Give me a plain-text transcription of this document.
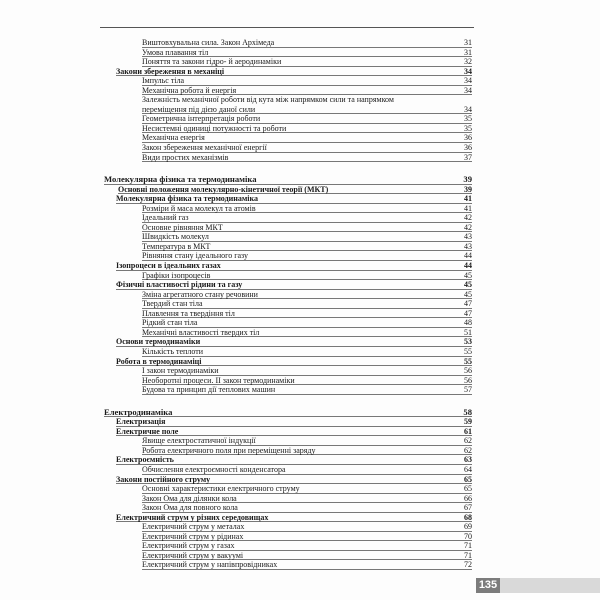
Виштовхувальна сила. Закон Архімеда	31
Умова плавання тіл	31
Поняття та закони гідро- й аеродинаміки	32
Закони збереження в механіці	34
Імпульс тіла	34
Механічна робота й енергія	34
Залежність механічної роботи від кута між напрямком сили та напрямком
переміщення під дією даної сили	34
Геометрична інтерпретація роботи	35
Несистемні одиниці потужності та роботи	35
Механічна енергія	36
Закон збереження механічної енергії	36
Види простих механізмів	37
Молекулярна фізика та термодинаміка	39
Основні положення молекулярно-кінетичної теорії (МКТ)	39
Молекулярна фізика та термодинаміка	41
Розміри й маса молекул та атомів	41
Ідеальний газ	42
Основне рівняння МКТ	42
Швидкість молекул	43
Температура в МКТ	43
Рівняння стану ідеального газу	44
Ізопроцеси в ідеальних газах	44
Графіки ізопроцесів	45
Фізичні властивості рідини та газу	45
Зміна агрегатного стану речовини	45
Твердий стан тіла	47
Плавлення та твердіння тіл	47
Рідкий стан тіла	48
Механічні властивості твердих тіл	51
Основи термодинаміки	53
Кількість теплоти	55
Робота в термодинаміці	55
І закон термодинаміки	56
Необоротні процеси. ІІ закон термодинаміки	56
Будова та принцип дії теплових машин	57
Електродинаміка	58
Електризація	59
Електричне поле	61
Явище електростатичної індукції	62
Робота електричного поля при переміщенні заряду	62
Електроємність	63
Обчислення електроємності конденсатора	64
Закони постійного струму	65
Основні характеристики електричного струму	65
Закон Ома для ділянки кола	66
Закон Ома для повного кола	67
Електричний струм у різних середовищах	68
Електричний струм у металах	69
Електричний струм у рідинах	70
Електричний струм у газах	71
Електричний струм у вакуумі	71
Електричний струм у напівпровідниках	72
135
